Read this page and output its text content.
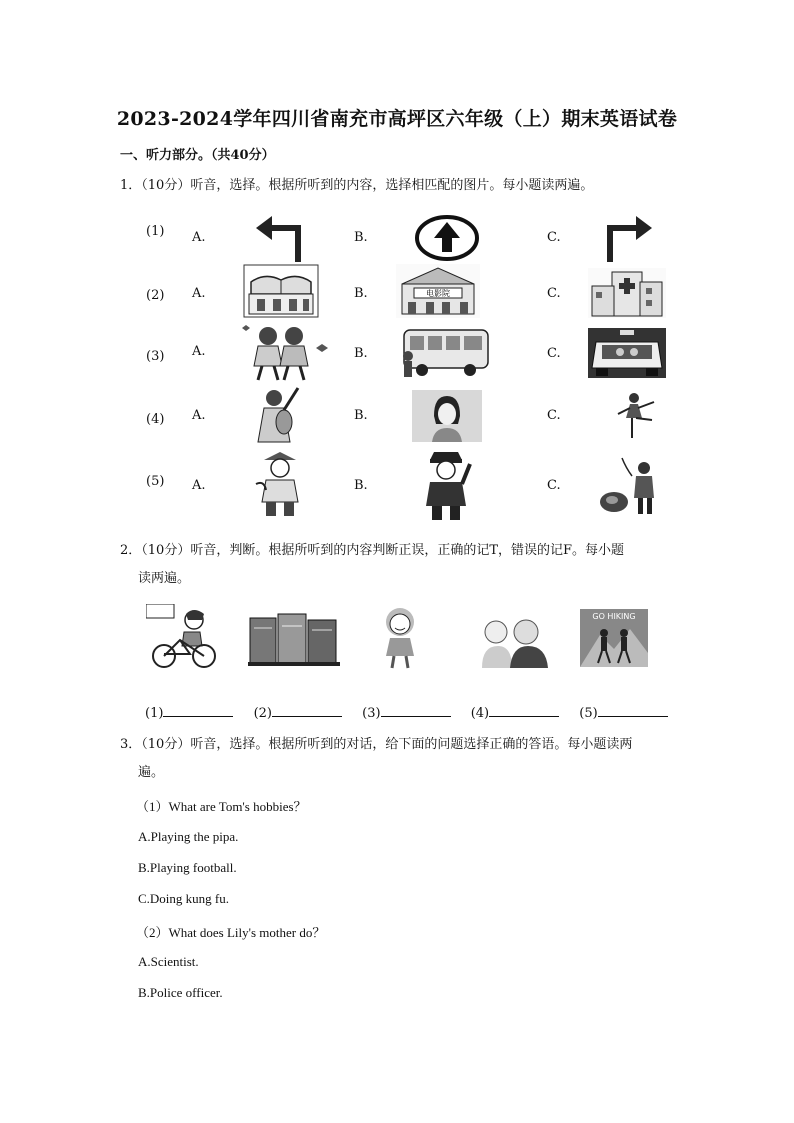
2023-2024学年四川省南充市高坪区六年级（上）期末英语试卷
一、听力部分。（共40分）
1．（10分）听音，选择。根据所听到的内容，选择相匹配的图片。每小题读两遍。
(1) A.	B.	C.
(2) A.	B.	电影院	C.
(3) A.	B.	C.
(4) A.	B.	C.
(5) A.	B.	C.
2．（10分）听音，判断。根据所听到的内容判断正误，正确的记T，错误的记F。每小题
读两遍。
GO HIKING
(1)	(2)	(3)	(4)	(5)
3．（10分）听音，选择。根据所听到的对话，给下面的问题选择正确的答语。每小题读两
遍。
（1）What are Tom's hobbies？
A.Playing the pipa.
B.Playing football.
C.Doing kung fu.
（2）What does Lily's mother do？
A.Scientist.
B.Police officer.
